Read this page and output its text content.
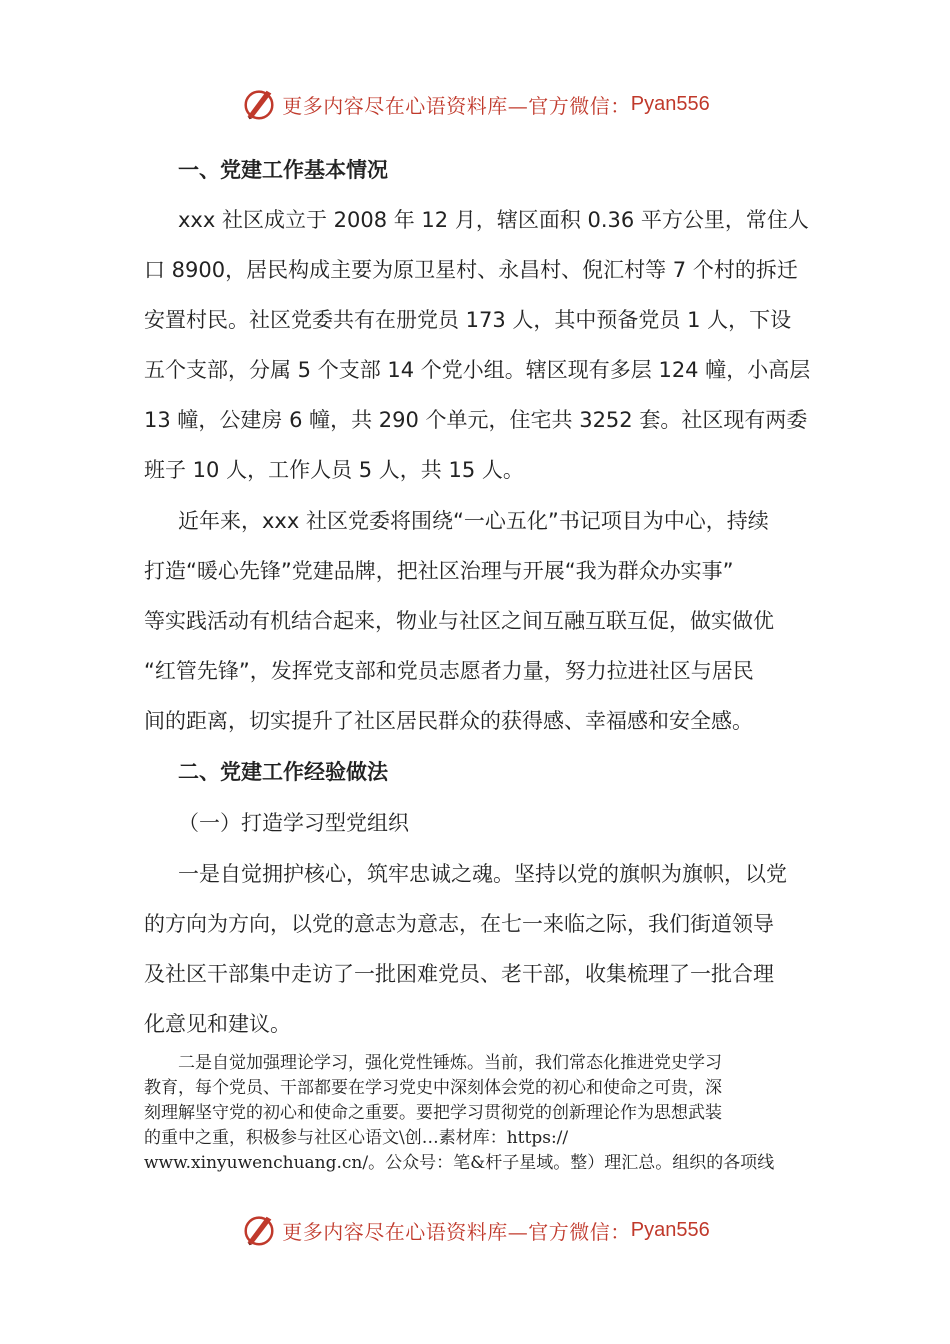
更多内容尽在心语资料库—官方微信： Pyan556
一、党建工作基本情况
xxx 社区成立于 2008 年 12 月，辖区面积 0.36 平方公里，常住人
口 8900，居民构成主要为原卫星村、永昌村、倪汇村等 7 个村的拆迁
安置村民。社区党委共有在册党员 173 人，其中预备党员 1 人，下设
五个支部，分属 5 个支部 14 个党小组。辖区现有多层 124 幢，小高层
13 幢，公建房 6 幢，共 290 个单元，住宅共 3252 套。社区现有两委
班子 10 人，工作人员 5 人，共 15 人。
近年来，xxx 社区党委将围绕“一心五化”书记项目为中心，持续
打造“暖心先锋”党建品牌，把社区治理与开展“我为群众办实事”
等实践活动有机结合起来，物业与社区之间互融互联互促，做实做优
“红管先锋”，发挥党支部和党员志愿者力量，努力拉进社区与居民
间的距离，切实提升了社区居民群众的获得感、幸福感和安全感。
二、党建工作经验做法
（一）打造学习型党组织
一是自觉拥护核心，筑牢忠诚之魂。坚持以党的旗帜为旗帜，以党
的方向为方向，以党的意志为意志，在七一来临之际，我们街道领导
及社区干部集中走访了一批困难党员、老干部，收集梳理了一批合理
化意见和建议。
二是自觉加强理论学习，强化党性锤炼。当前，我们常态化推进党史学习
教育，每个党员、干部都要在学习党史中深刻体会党的初心和使命之可贵，深
刻理解坚守党的初心和使命之重要。要把学习贯彻党的创新理论作为思想武装
的重中之重，积极参与社区心语文\创…素材库：https://
www.xinyuwenchuang.cn/。公众号：笔&杆子星域。整）理汇总。组织的各项线
更多内容尽在心语资料库—官方微信： Pyan556
